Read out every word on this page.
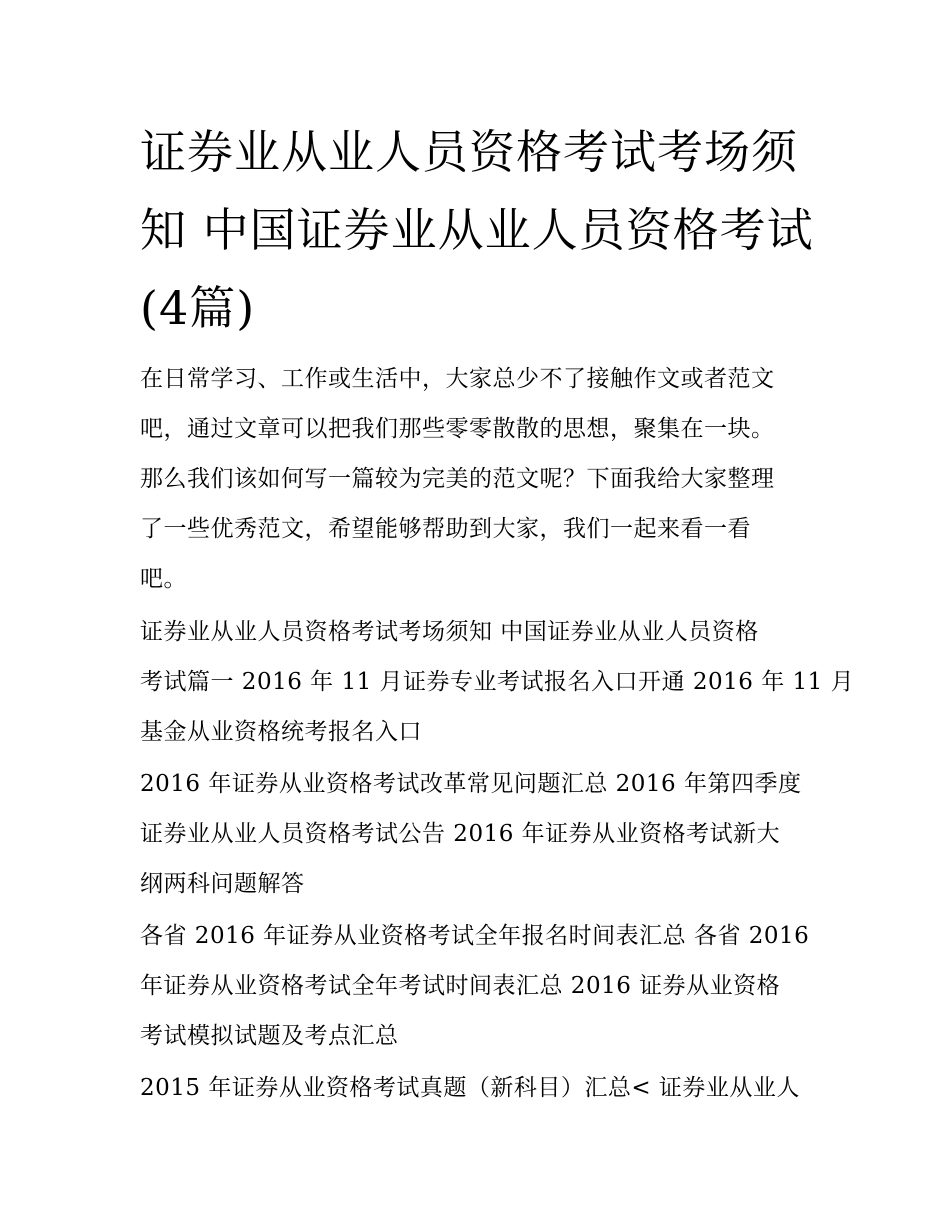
证券业从业人员资格考试考场须知 中国证券业从业人员资格考试(4篇)

在日常学习、工作或生活中，大家总少不了接触作文或者范文

吧，通过文章可以把我们那些零零散散的思想，聚集在一块。

那么我们该如何写一篇较为完美的范文呢？下面我给大家整理

了一些优秀范文，希望能够帮助到大家，我们一起来看一看

吧。

证券业从业人员资格考试考场须知 中国证券业从业人员资格

考试篇一 2016 年 11 月证券专业考试报名入口开通 2016 年 11 月

基金从业资格统考报名入口

2016 年证券从业资格考试改革常见问题汇总 2016 年第四季度

证券业从业人员资格考试公告 2016 年证券从业资格考试新大

纲两科问题解答

各省 2016 年证券从业资格考试全年报名时间表汇总 各省 2016

年证券从业资格考试全年考试时间表汇总 2016 证券从业资格

考试模拟试题及考点汇总

2015 年证券从业资格考试真题（新科目）汇总< 证券业从业人
